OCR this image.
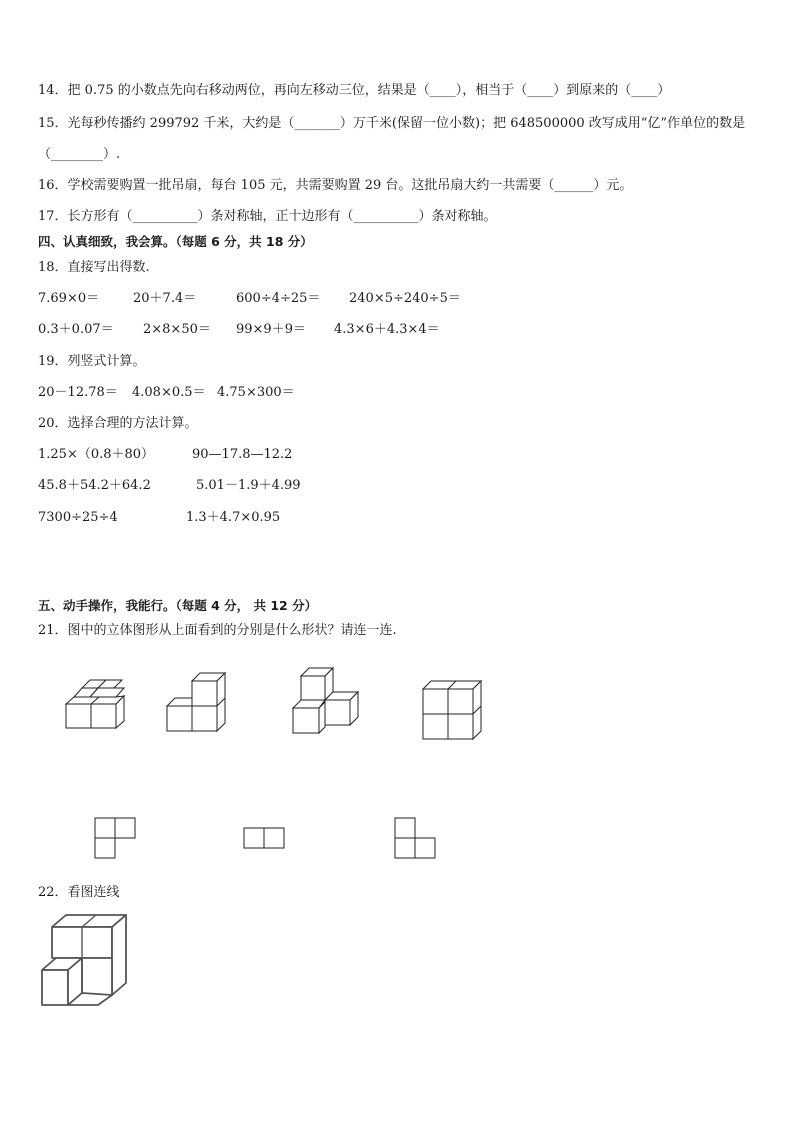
14．把 0.75 的小数点先向右移动两位，再向左移动三位，结果是（____），相当于（____）到原来的（____）
15．光每秒传播约 299792 千米，大约是（_______）万千米(保留一位小数)；把 648500000 改写成用“亿”作单位的数是
（________）.
16．学校需要购置一批吊扇，每台 105 元，共需要购置 29 台。这批吊扇大约一共需要（______）元。
17．长方形有（__________）条对称轴，正十边形有（__________）条对称轴。
四、认真细致，我会算。（每题 6 分，共 18 分）
18．直接写出得数.
7.69×0＝	20＋7.4＝	600÷4÷25＝ 240×5÷240÷5＝
0.3＋0.07＝ 2×8×50＝ 99×9＋9＝ 4.3×6＋4.3×4＝
19．列竖式计算。
20－12.78＝ 4.08×0.5＝ 4.75×300＝
20．选择合理的方法计算。
1.25×（0.8＋80）	90—17.8—12.2
45.8＋54.2＋64.2	5.01－1.9＋4.99
7300÷25÷4	1.3＋4.7×0.95
五、动手操作，我能行。（每题 4 分， 共 12 分）
21．图中的立体图形从上面看到的分别是什么形状？请连一连.
22．看图连线
